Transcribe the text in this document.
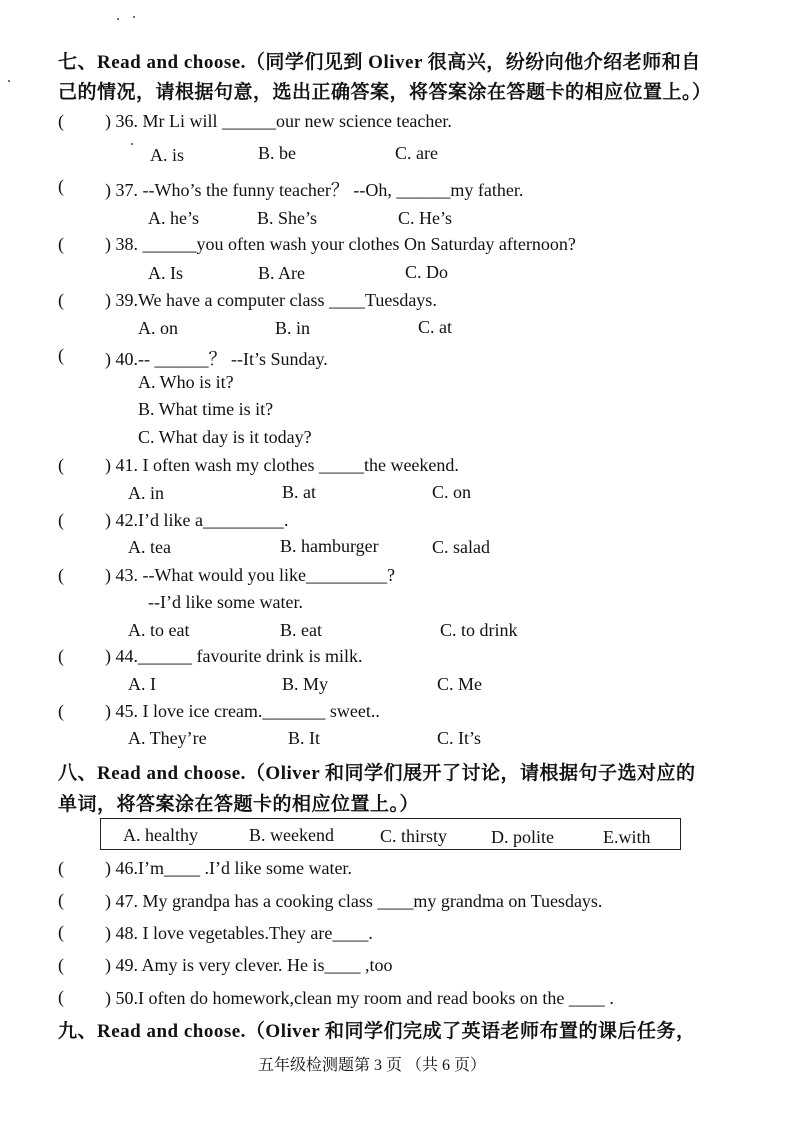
七、Read and choose.（同学们见到 Oliver 很高兴，纷纷向他介绍老师和自
己的情况，请根据句意，选出正确答案，将答案涂在答题卡的相应位置上。）
( ) 36. Mr Li will ______our new science teacher.
A. is	B. be	C. are
( ) 37. --Who’s the funny teacher？ --Oh, ______my father.
A. he’s	B. She’s	C. He’s
( ) 38. ______you often wash your clothes On Saturday afternoon?
A. Is	B. Are	C. Do
( ) 39.We have a computer class ____Tuesdays.
A. on	B. in	C. at
( ) 40.-- ______？ --It’s Sunday.
A. Who is it?
B. What time is it?
C. What day is it today?
( ) 41. I often wash my clothes _____the weekend.
A. in	B. at	C. on
( ) 42.I’d like a_________.
A. tea	B. hamburger	C. salad
( ) 43. --What would you like_________?
--I’d like some water.
A. to eat	B. eat	C. to drink
( ) 44.______ favourite drink is milk.
A. I	B. My	C. Me
( ) 45. I love ice cream._______ sweet..
A. They’re	B. It	C. It’s
八、Read and choose.（Oliver 和同学们展开了讨论，请根据句子选对应的
单词，将答案涂在答题卡的相应位置上。）
A. healthy	B. weekend	C. thirsty D. polite	E.with
( ) 46.I’m____ .I’d like some water.
( ) 47. My grandpa has a cooking class ____my grandma on Tuesdays.
( ) 48. I love vegetables.They are____.
( ) 49. Amy is very clever. He is____ ,too
( ) 50.I often do homework,clean my room and read books on the ____ .
九、Read and choose.（Oliver 和同学们完成了英语老师布置的课后任务，
五年级检测题第 3 页 （共 6 页）
